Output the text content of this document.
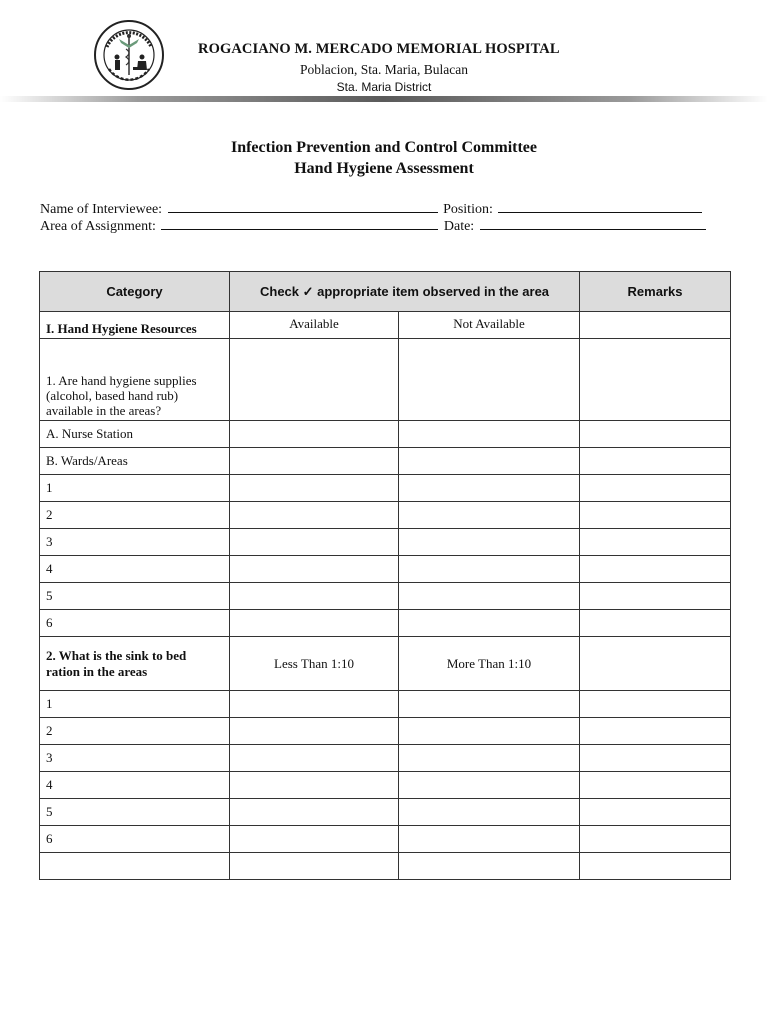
ROGACIANO M. MERCADO MEMORIAL HOSPITAL
Poblacion, Sta. Maria, Bulacan
Sta. Maria District
Infection Prevention and Control Committee
Hand Hygiene Assessment
Name of Interviewee:	Position:
Area of Assignment:	Date:
Category	Check ✓ appropriate item observed in the area		Remarks
I. Hand Hygiene Resources	Available	Not Available	
1. Are hand hygiene supplies (alcohol, based hand rub) available in the areas?			
A. Nurse Station			
B. Wards/Areas			
1			
2			
3			
4			
5			
6			
2. What is the sink to bed ration in the areas	Less Than 1:10	More Than 1:10	
1			
2			
3			
4			
5			
6			
